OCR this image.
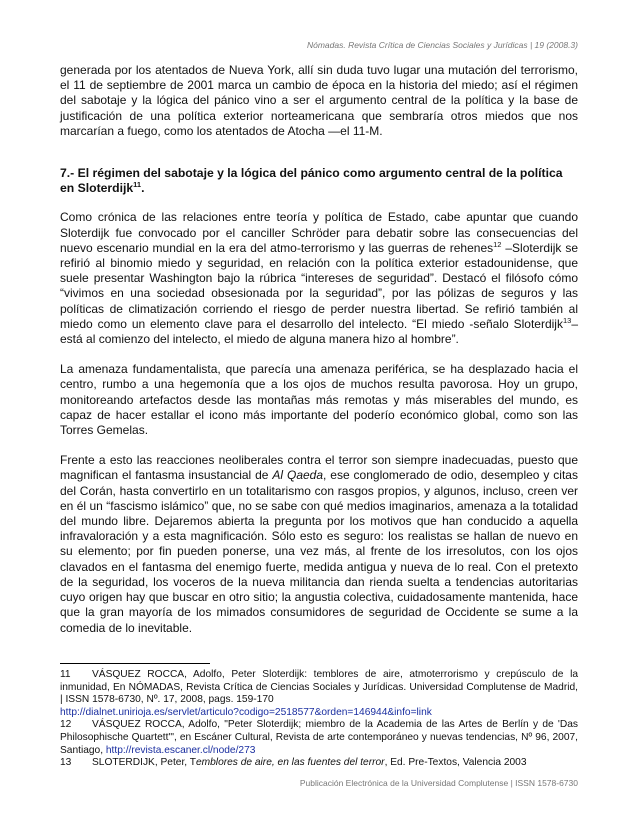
Nómadas. Revista Crítica de Ciencias Sociales y Jurídicas | 19 (2008.3)

generada por los atentados de Nueva York, allí sin duda tuvo lugar una mutación del terrorismo, el 11 de septiembre de 2001 marca un cambio de época en la historia del miedo; así el régimen del sabotaje y la lógica del pánico vino a ser el argumento central de la política y la base de justificación de una política exterior norteamericana que sembraría otros miedos que nos marcarían a fuego, como los atentados de Atocha —el 11-M.

7.- El régimen del sabotaje y la lógica del pánico como argumento central de la política en Sloterdijk$^{11}$.

Como crónica de las relaciones entre teoría y política de Estado, cabe apuntar que cuando Sloterdijk fue convocado por el canciller Schröder para debatir sobre las consecuencias del nuevo escenario mundial en la era del atmo-terrorismo y las guerras de rehenes$^{12}$ –Sloterdijk se refirió al binomio miedo y seguridad, en relación con la política exterior estadounidense, que suele presentar Washington bajo la rúbrica “intereses de seguridad”. Destacó el filósofo cómo “vivimos en una sociedad obsesionada por la seguridad”, por las pólizas de seguros y las políticas de climatización corriendo el riesgo de perder nuestra libertad. Se refirió también al miedo como un elemento clave para el desarrollo del intelecto. “El miedo -señalo Sloterdijk$^{13}$– está al comienzo del intelecto, el miedo de alguna manera hizo al hombre”.

La amenaza fundamentalista, que parecía una amenaza periférica, se ha desplazado hacia el centro, rumbo a una hegemonía que a los ojos de muchos resulta pavorosa. Hoy un grupo, monitoreando artefactos desde las montañas más remotas y más miserables del mundo, es capaz de hacer estallar el icono más importante del poderío económico global, como son las Torres Gemelas.

Frente a esto las reacciones neoliberales contra el terror son siempre inadecuadas, puesto que magnifican el fantasma insustancial de Al Qaeda, ese conglomerado de odio, desempleo y citas del Corán, hasta convertirlo en un totalitarismo con rasgos propios, y algunos, incluso, creen ver en él un “fascismo islámico” que, no se sabe con qué medios imaginarios, amenaza a la totalidad del mundo libre. Dejaremos abierta la pregunta por los motivos que han conducido a aquella infravaloración y a esta magnificación. Sólo esto es seguro: los realistas se hallan de nuevo en su elemento; por fin pueden ponerse, una vez más, al frente de los irresolutos, con los ojos clavados en el fantasma del enemigo fuerte, medida antigua y nueva de lo real. Con el pretexto de la seguridad, los voceros de la nueva militancia dan rienda suelta a tendencias autoritarias cuyo origen hay que buscar en otro sitio; la angustia colectiva, cuidadosamente mantenida, hace que la gran mayoría de los mimados consumidores de seguridad de Occidente se sume a la comedia de lo inevitable.

11 VÁSQUEZ ROCCA, Adolfo, Peter Sloterdijk: temblores de aire, atmoterrorismo y crepúsculo de la inmunidad, En NÓMADAS, Revista Crítica de Ciencias Sociales y Jurídicas. Universidad Complutense de Madrid, | ISSN 1578-6730, Nº. 17, 2008, pags. 159-170
http://dialnet.unirioja.es/servlet/articulo?codigo=2518577&orden=146944&info=link
12 VÁSQUEZ ROCCA, Adolfo, "Peter Sloterdijk; miembro de la Academia de las Artes de Berlín y de 'Das Philosophische Quartett'", en Escáner Cultural, Revista de arte contemporáneo y nuevas tendencias, Nº 96, 2007, Santiago, http://revista.escaner.cl/node/273
13 SLOTERDIJK, Peter, Temblores de aire, en las fuentes del terror, Ed. Pre-Textos, Valencia 2003
Publicación Electrónica de la Universidad Complutense | ISSN 1578-6730
